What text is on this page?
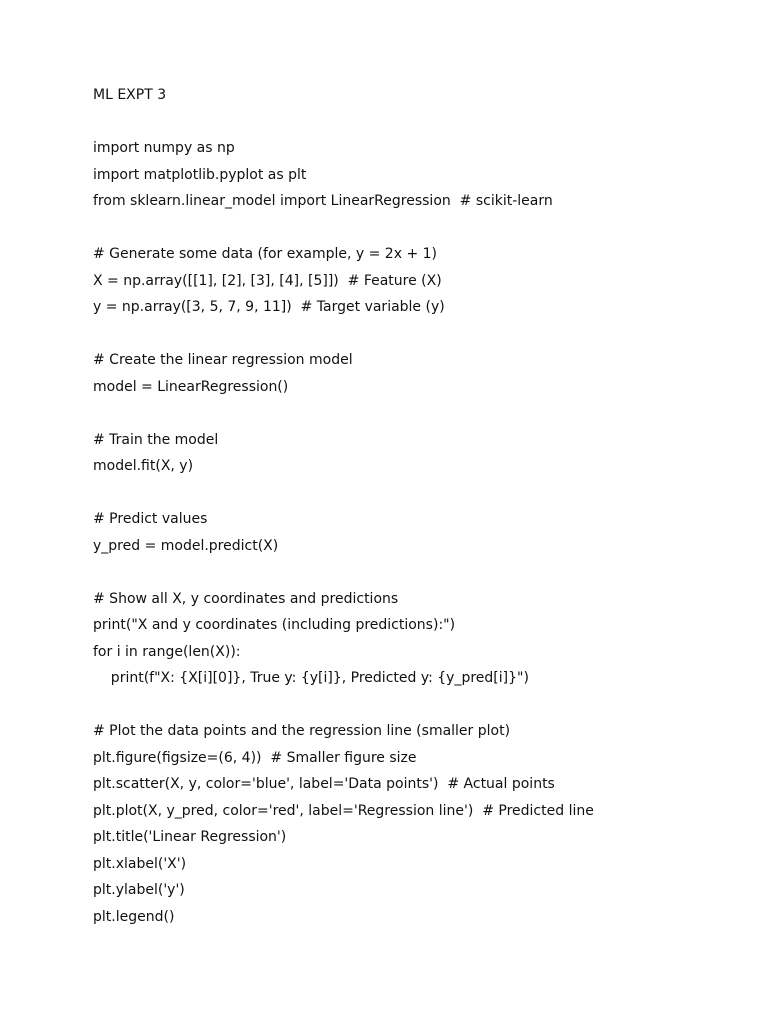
ML EXPT 3
import numpy as np
import matplotlib.pyplot as plt
from sklearn.linear_model import LinearRegression  # scikit-learn
# Generate some data (for example, y = 2x + 1)
X = np.array([[1], [2], [3], [4], [5]])  # Feature (X)
y = np.array([3, 5, 7, 9, 11])  # Target variable (y)
# Create the linear regression model
model = LinearRegression()
# Train the model
model.fit(X, y)
# Predict values
y_pred = model.predict(X)
# Show all X, y coordinates and predictions
print("X and y coordinates (including predictions):")
for i in range(len(X)):
print(f"X: {X[i][0]}, True y: {y[i]}, Predicted y: {y_pred[i]}")
# Plot the data points and the regression line (smaller plot)
plt.figure(figsize=(6, 4))  # Smaller figure size
plt.scatter(X, y, color='blue', label='Data points')  # Actual points
plt.plot(X, y_pred, color='red', label='Regression line')  # Predicted line
plt.title('Linear Regression')
plt.xlabel('X')
plt.ylabel('y')
plt.legend()
